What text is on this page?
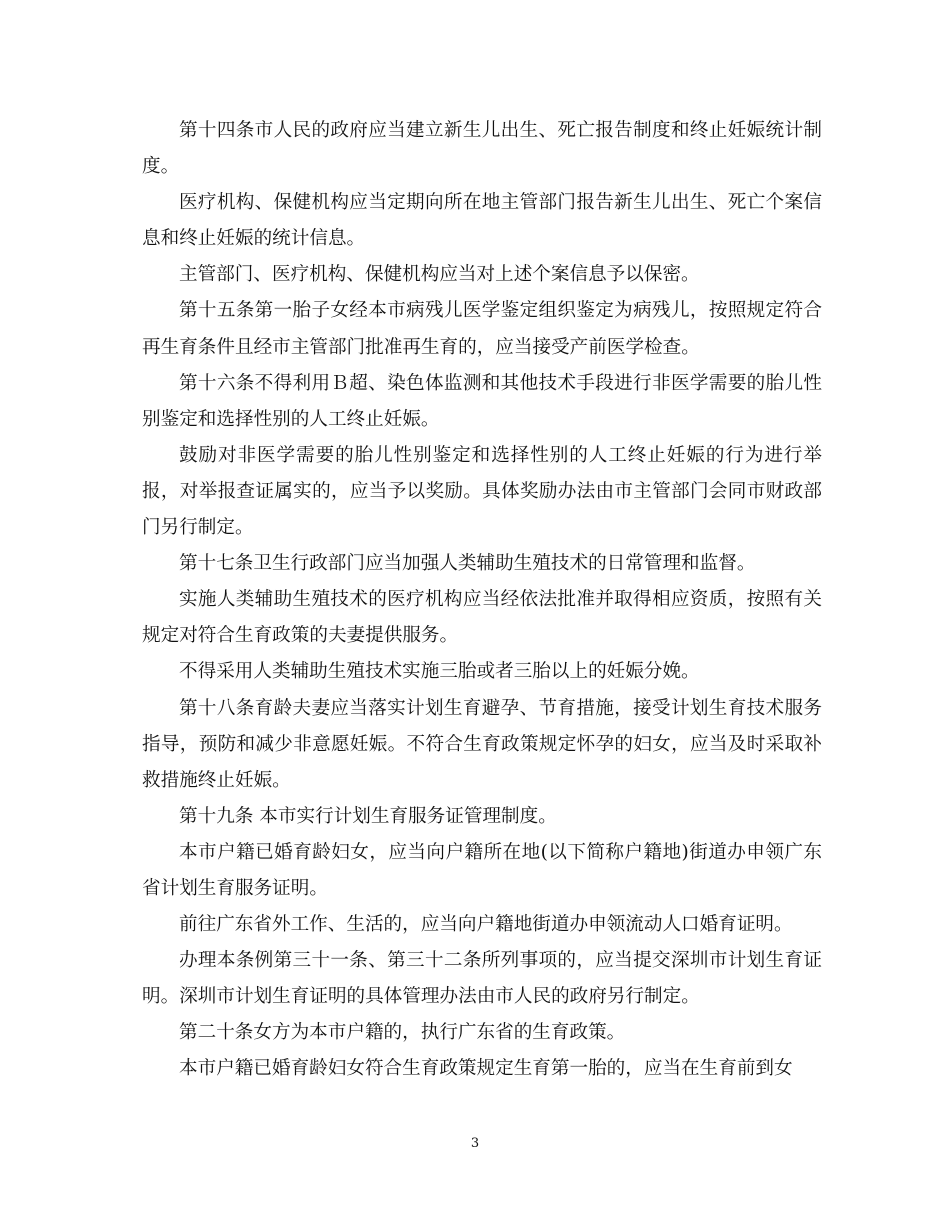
第十四条市人民的政府应当建立新生儿出生、死亡报告制度和终止妊娠统计制度。

医疗机构、保健机构应当定期向所在地主管部门报告新生儿出生、死亡个案信息和终止妊娠的统计信息。

主管部门、医疗机构、保健机构应当对上述个案信息予以保密。

第十五条第一胎子女经本市病残儿医学鉴定组织鉴定为病残儿，按照规定符合再生育条件且经市主管部门批准再生育的，应当接受产前医学检查。

第十六条不得利用Ｂ超、染色体监测和其他技术手段进行非医学需要的胎儿性别鉴定和选择性别的人工终止妊娠。

鼓励对非医学需要的胎儿性别鉴定和选择性别的人工终止妊娠的行为进行举报，对举报查证属实的，应当予以奖励。具体奖励办法由市主管部门会同市财政部门另行制定。

第十七条卫生行政部门应当加强人类辅助生殖技术的日常管理和监督。

实施人类辅助生殖技术的医疗机构应当经依法批准并取得相应资质，按照有关规定对符合生育政策的夫妻提供服务。

不得采用人类辅助生殖技术实施三胎或者三胎以上的妊娠分娩。

第十八条育龄夫妻应当落实计划生育避孕、节育措施，接受计划生育技术服务指导，预防和减少非意愿妊娠。不符合生育政策规定怀孕的妇女，应当及时采取补救措施终止妊娠。

第十九条 本市实行计划生育服务证管理制度。

本市户籍已婚育龄妇女，应当向户籍所在地(以下简称户籍地)街道办申领广东省计划生育服务证明。

前往广东省外工作、生活的，应当向户籍地街道办申领流动人口婚育证明。

办理本条例第三十一条、第三十二条所列事项的，应当提交深圳市计划生育证明。深圳市计划生育证明的具体管理办法由市人民的政府另行制定。

第二十条女方为本市户籍的，执行广东省的生育政策。

本市户籍已婚育龄妇女符合生育政策规定生育第一胎的，应当在生育前到女

3
